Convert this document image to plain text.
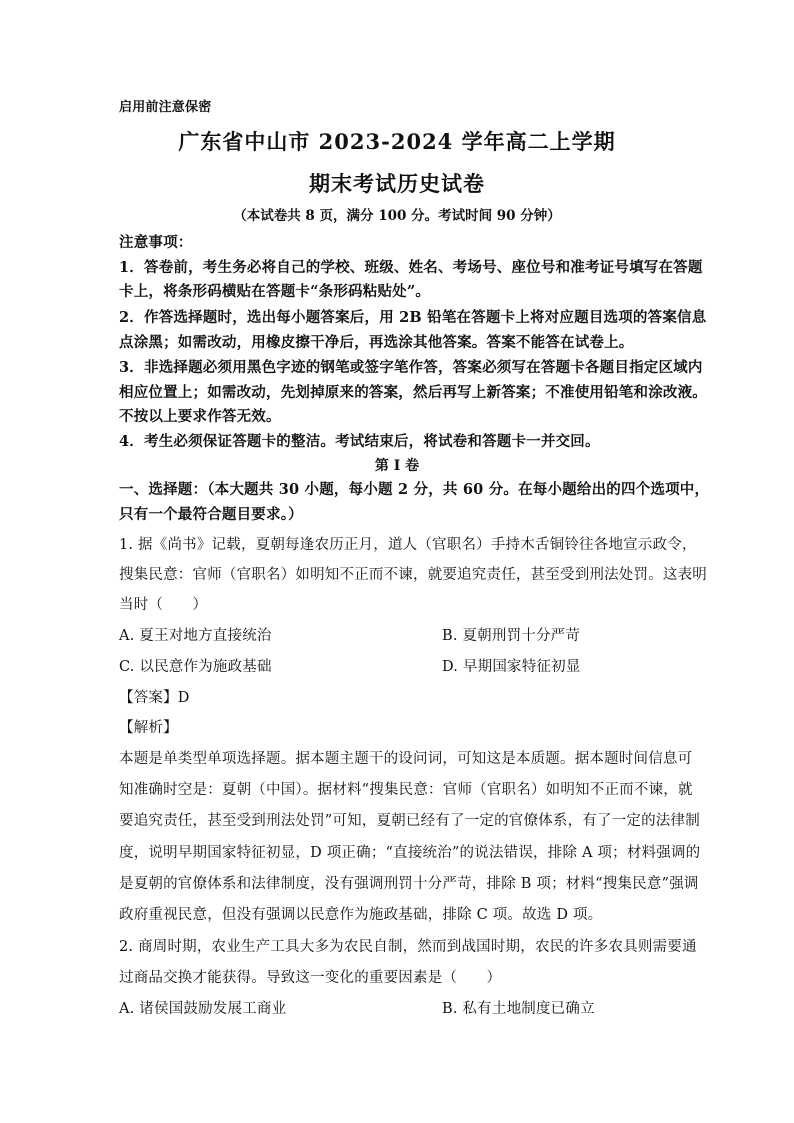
启用前注意保密
广东省中山市 2023-2024 学年高二上学期
期末考试历史试卷
（本试卷共 8 页，满分 100 分。考试时间 90 分钟）
注意事项：
1．答卷前，考生务必将自己的学校、班级、姓名、考场号、座位号和准考证号填写在答题
卡上，将条形码横贴在答题卡“条形码粘贴处”。
2．作答选择题时，选出每小题答案后，用 2B 铅笔在答题卡上将对应题目选项的答案信息
点涂黑；如需改动，用橡皮擦干净后，再选涂其他答案。答案不能答在试卷上。
3．非选择题必须用黑色字迹的钢笔或签字笔作答，答案必须写在答题卡各题目指定区域内
相应位置上；如需改动，先划掉原来的答案，然后再写上新答案；不准使用铅笔和涂改液。
不按以上要求作答无效。
4．考生必须保证答题卡的整洁。考试结束后，将试卷和答题卡一并交回。
第 I 卷
一、选择题：（本大题共 30 小题，每小题 2 分，共 60 分。在每小题给出的四个选项中，
只有一个最符合题目要求。）
1. 据《尚书》记载，夏朝每逢农历正月，道人（官职名）手持木舌铜铃往各地宣示政令，
搜集民意：官师（官职名）如明知不正而不谏，就要追究责任，甚至受到刑法处罚。这表明
当时（　　）
A. 夏王对地方直接统治	B. 夏朝刑罚十分严苛
C. 以民意作为施政基础	D. 早期国家特征初显
【答案】D
【解析】
本题是单类型单项选择题。据本题主题干的设问词，可知这是本质题。据本题时间信息可
知准确时空是：夏朝（中国）。据材料“搜集民意：官师（官职名）如明知不正而不谏，就
要追究责任，甚至受到刑法处罚”可知，夏朝已经有了一定的官僚体系，有了一定的法律制
度，说明早期国家特征初显，D 项正确；“直接统治”的说法错误，排除 A 项；材料强调的
是夏朝的官僚体系和法律制度，没有强调刑罚十分严苛，排除 B 项；材料“搜集民意”强调
政府重视民意，但没有强调以民意作为施政基础，排除 C 项。故选 D 项。
2. 商周时期，农业生产工具大多为农民自制，然而到战国时期，农民的许多农具则需要通
过商品交换才能获得。导致这一变化的重要因素是（　　）
A. 诸侯国鼓励发展工商业	B. 私有土地制度已确立
